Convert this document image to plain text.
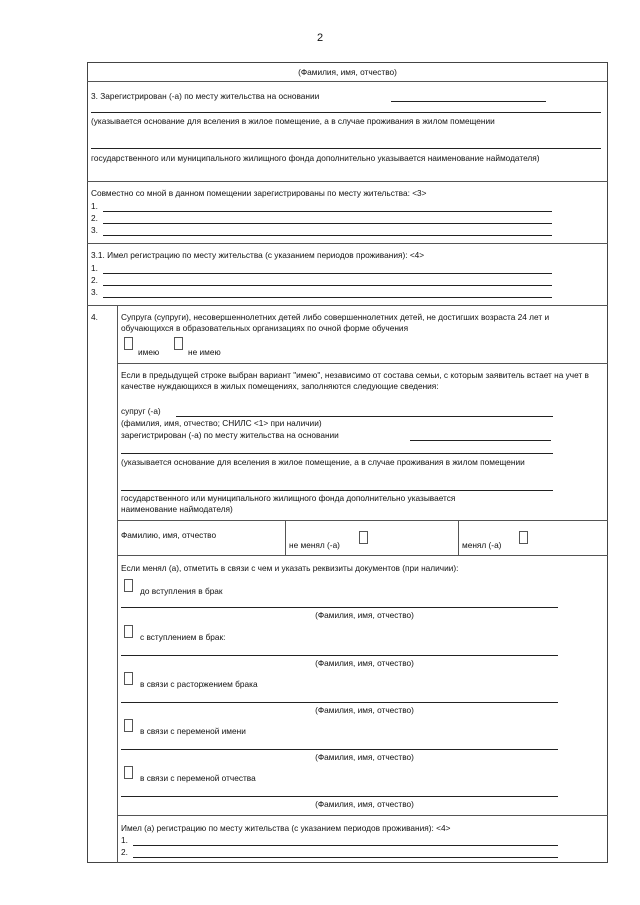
2
(Фамилия, имя, отчество)
3. Зарегистрирован (-а) по месту жительства на основании
(указывается основание для вселения в жилое помещение, а в случае проживания в жилом помещении
государственного или муниципального жилищного фонда дополнительно указывается наименование наймодателя)
Совместно со мной в данном помещении зарегистрированы по месту жительства: <3>
1.
2.
3.
3.1. Имел регистрацию по месту жительства (с указанием периодов проживания): <4>
1.
2.
3.
4.	Супруга (супруги), несовершеннолетних детей либо совершеннолетних детей, не достигших возраста 24 лет и обучающихся в образовательных организациях по очной форме обучения
имею	не имею
Если в предыдущей строке выбран вариант "имею", независимо от состава семьи, с которым заявитель встает на учет в качестве нуждающихся в жилых помещениях, заполняются следующие сведения:
супруг (-а)
(фамилия, имя, отчество; СНИЛС <1> при наличии)
зарегистрирован (-а) по месту жительства на основании
(указывается основание для вселения в жилое помещение, а в случае проживания в жилом помещении
государственного или муниципального жилищного фонда дополнительно указывается наименование наймодателя)
Фамилию, имя, отчество
не менял (-а)	менял (-а)
Если менял (а), отметить в связи с чем и указать реквизиты документов (при наличии):
до вступления в брак
(Фамилия, имя, отчество)
с вступлением в брак:
(Фамилия, имя, отчество)
в связи с расторжением брака
(Фамилия, имя, отчество)
в связи с переменой имени
(Фамилия, имя, отчество)
в связи с переменой отчества
(Фамилия, имя, отчество)
Имел (а) регистрацию по месту жительства (с указанием периодов проживания): <4>
1.
2.
